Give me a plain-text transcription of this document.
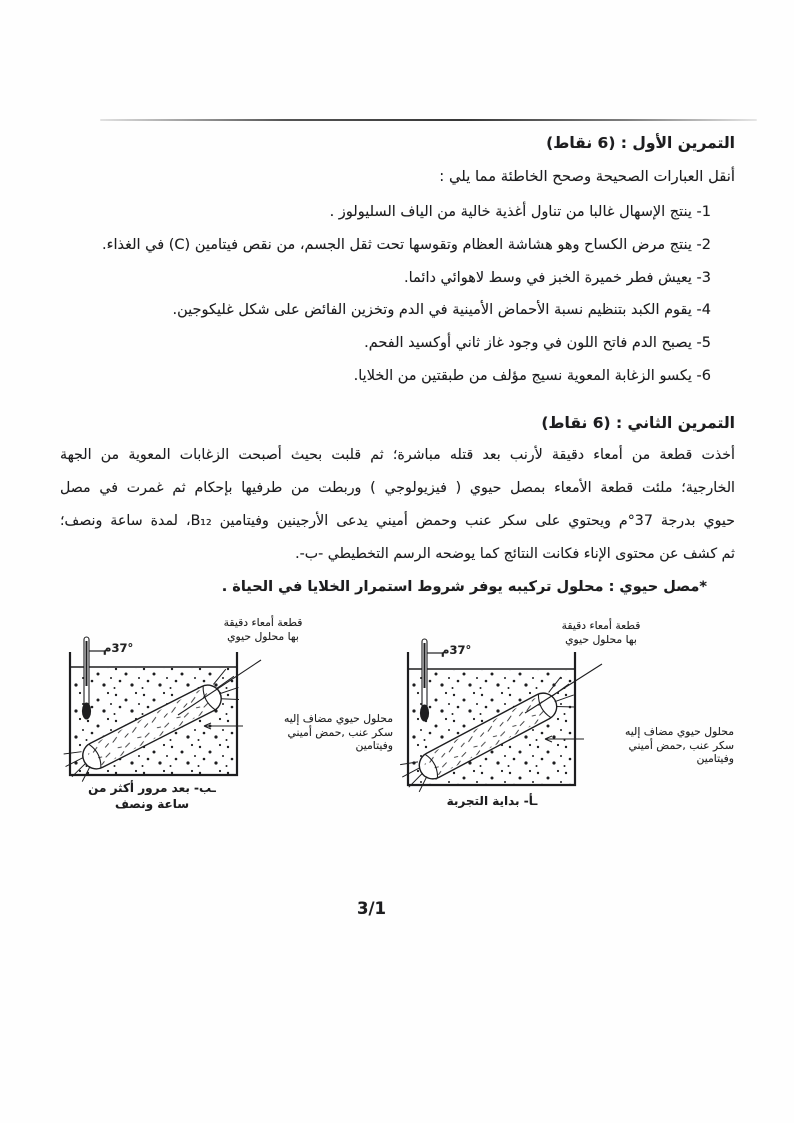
التمرين الأول : (6 نقاط)

أنقل العبارات الصحيحة وصحح الخاطئة مما يلي :

1- ينتج الإسهال غالبا من تناول أغذية خالية من الياف السليولوز .
2- ينتج مرض الكساح وهو هشاشة العظام وتقوسها تحت ثقل الجسم، من نقص فيتامين (C) في الغذاء.
3- يعيش فطر خميرة الخبز في وسط لاهوائي دائما.
4- يقوم الكبد بتنظيم نسبة الأحماض الأمينية في الدم وتخزين الفائض على شكل غليكوجين.
5- يصبح الدم فاتح اللون في وجود غاز ثاني أوكسيد الفحم.
6- يكسو الزغابة المعوية نسيج مؤلف من طبقتين من الخلايا.
التمرين الثاني : (6 نقاط)
أخذت قطعة من أمعاء دقيقة لأرنب بعد قتله مباشرة؛ ثم قلبت بحيث أصبحت الزغابات المعوية من الجهة
الخارجية؛ ملئت قطعة الأمعاء بمصل حيوي ( فيزيولوجي ) وربطت من طرفيها بإحكام ثم غمرت في مصل
حيوي بدرجة 37°م ويحتوي على سكر عنب وحمض أميني يدعى الأرجينين وفيتامين B₁₂، لمدة ساعة ونصف؛
ثم كشف عن محتوى الإناء فكانت النتائج كما يوضحه الرسم التخطيطي -ب-.

*مصل حيوي : محلول تركيبه يوفر شروط استمرار الخلايا في الحياة .

37°م
قطعة أمعاء دقيقة
بها محلول حيوي
محلول حيوي مضاف إليه
سكر عنب ,حمض أميني
وفيتامين
ـب- بعد مرور أكثر من
ساعة ونصف
37°م
قطعة أمعاء دقيقة
بها محلول حيوي
محلول حيوي مضاف إليه
سكر عنب ,حمض أميني
وفيتامين
ـأ- بداية التجربة
3/1
